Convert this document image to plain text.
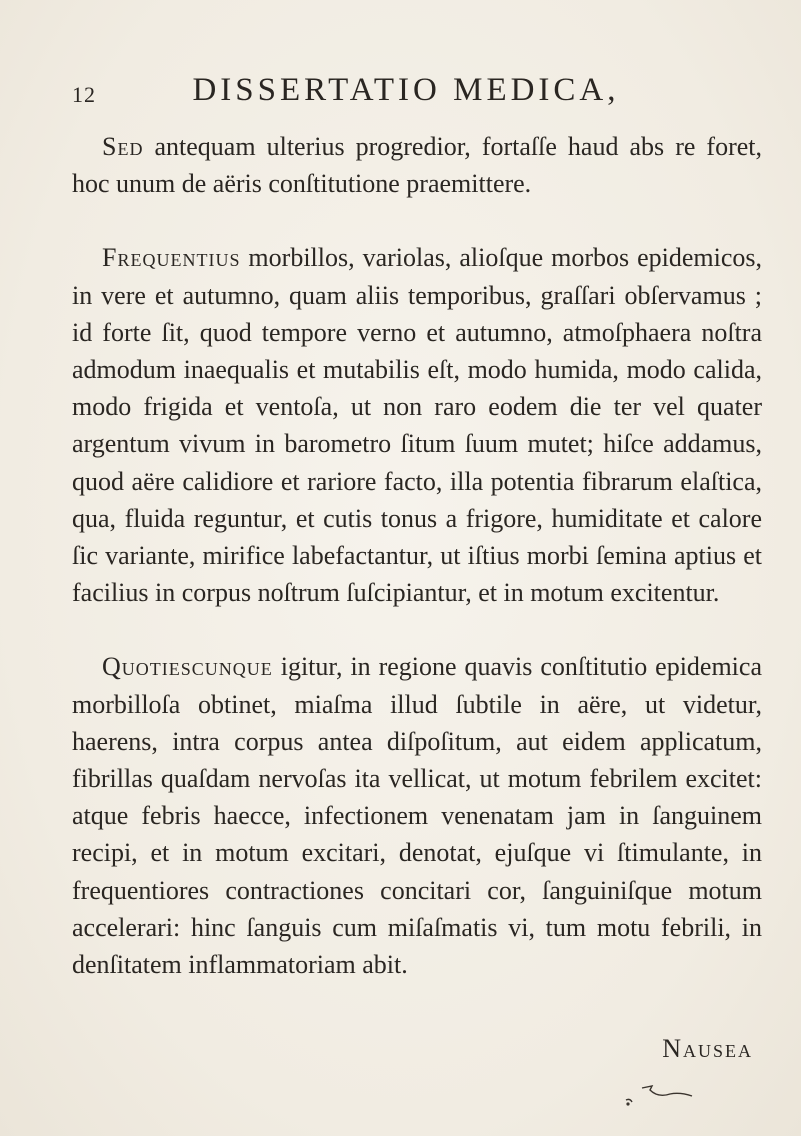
12	DISSERTATIO MEDICA,

Sed antequam ulterius progredior, fortaſſe haud abs re foret, hoc unum de aëris conſtitutione praemittere.

Frequentius morbillos, variolas, alioſque morbos epidemicos, in vere et autumno, quam aliis temporibus, graſſari obſervamus ; id forte ſit, quod tempore verno et autumno, atmoſphaera noſtra admodum inaequalis et mutabilis eſt, modo humida, modo calida, modo frigida et ventoſa, ut non raro eodem die ter vel quater argentum vivum in barometro ſitum ſuum mutet; hiſce addamus, quod aëre calidiore et rariore facto, illa potentia fibrarum elaſtica, qua, fluida reguntur, et cutis tonus a frigore, humiditate et calore ſic variante, mirifice labefactantur, ut iſtius morbi ſemina aptius et facilius in corpus noſtrum ſuſcipiantur, et in motum excitentur.

Quotiescunque igitur, in regione quavis conſtitutio epidemica morbilloſa obtinet, miaſma illud ſubtile in aëre, ut videtur, haerens, intra corpus antea diſpoſitum, aut eidem applicatum, fibrillas quaſdam nervoſas ita vellicat, ut motum febrilem excitet: atque febris haecce, infectionem venenatam jam in ſanguinem recipi, et in motum excitari, denotat, ejuſque vi ſtimulante, in frequentiores contractiones concitari cor, ſanguiniſque motum accelerari: hinc ſanguis cum miſaſmatis vi, tum motu febrili, in denſitatem inflammatoriam abit.

Nausea
